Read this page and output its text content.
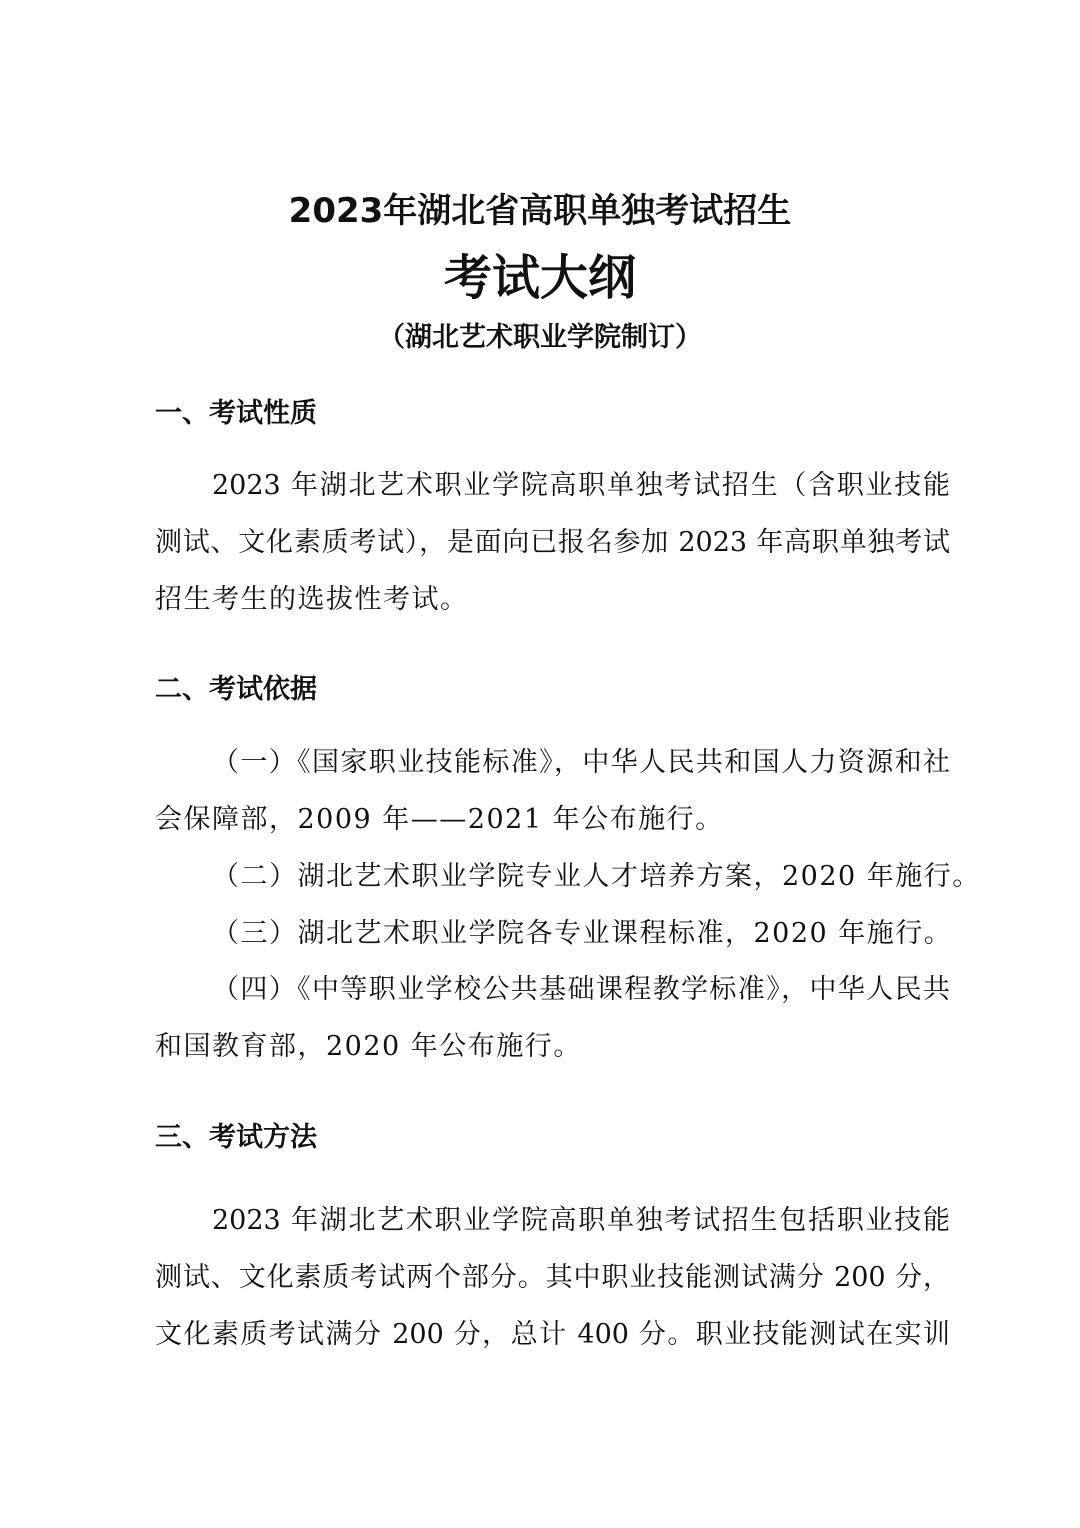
2023年湖北省高职单独考试招生
考试大纲
（湖北艺术职业学院制订）
一、考试性质
2023 年湖北艺术职业学院高职单独考试招生（含职业技能
测试、文化素质考试），是面向已报名参加 2023 年高职单独考试
招生考生的选拔性考试。
二、考试依据
（一）《国家职业技能标准》，中华人民共和国人力资源和社
会保障部，2009 年——2021 年公布施行。
（二）湖北艺术职业学院专业人才培养方案，2020 年施行。
（三）湖北艺术职业学院各专业课程标准，2020 年施行。
（四）《中等职业学校公共基础课程教学标准》，中华人民共
和国教育部，2020 年公布施行。
三、考试方法
2023 年湖北艺术职业学院高职单独考试招生包括职业技能
测试、文化素质考试两个部分。其中职业技能测试满分 200 分，
文化素质考试满分 200 分，总计 400 分。职业技能测试在实训
